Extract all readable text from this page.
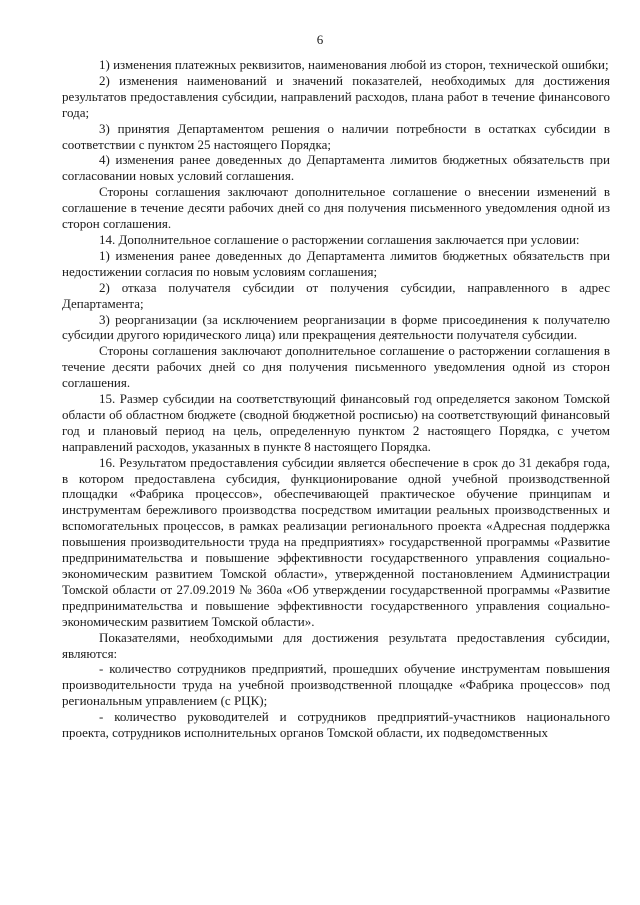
6

1) изменения платежных реквизитов, наименования любой из сторон, технической ошибки;

2) изменения наименований и значений показателей, необходимых для достижения результатов предоставления субсидии, направлений расходов, плана работ в течение финансового года;

3) принятия Департаментом решения о наличии потребности в остатках субсидии в соответствии с пунктом 25 настоящего Порядка;

4) изменения ранее доведенных до Департамента лимитов бюджетных обязательств при согласовании новых условий соглашения.

Стороны соглашения заключают дополнительное соглашение о внесении изменений в соглашение в течение десяти рабочих дней со дня получения письменного уведомления одной из сторон соглашения.

14. Дополнительное соглашение о расторжении соглашения заключается при условии:

1) изменения ранее доведенных до Департамента лимитов бюджетных обязательств при недостижении согласия по новым условиям соглашения;

2) отказа получателя субсидии от получения субсидии, направленного в адрес Департамента;

3) реорганизации (за исключением реорганизации в форме присоединения к получателю субсидии другого юридического лица) или прекращения деятельности получателя субсидии.

Стороны соглашения заключают дополнительное соглашение о расторжении соглашения в течение десяти рабочих дней со дня получения письменного уведомления одной из сторон соглашения.

15. Размер субсидии на соответствующий финансовый год определяется законом Томской области об областном бюджете (сводной бюджетной росписью) на соответствующий финансовый год и плановый период на цель, определенную пунктом 2 настоящего Порядка, с учетом направлений расходов, указанных в пункте 8 настоящего Порядка.

16. Результатом предоставления субсидии является обеспечение в срок до 31 декабря года, в котором предоставлена субсидия, функционирование одной учебной производственной площадки «Фабрика процессов», обеспечивающей практическое обучение принципам и инструментам бережливого производства посредством имитации реальных производственных и вспомогательных процессов, в рамках реализации регионального проекта «Адресная поддержка повышения производительности труда на предприятиях» государственной программы «Развитие предпринимательства и повышение эффективности государственного управления социально-экономическим развитием Томской области», утвержденной постановлением Администрации Томской области от 27.09.2019 № 360а «Об утверждении государственной программы «Развитие предпринимательства и повышение эффективности государственного управления социально-экономическим развитием Томской области».

Показателями, необходимыми для достижения результата предоставления субсидии, являются:

- количество сотрудников предприятий, прошедших обучение инструментам повышения производительности труда на учебной производственной площадке «Фабрика процессов» под региональным управлением (с РЦК);

- количество руководителей и сотрудников предприятий-участников национального проекта, сотрудников исполнительных органов Томской области, их подведомственных
